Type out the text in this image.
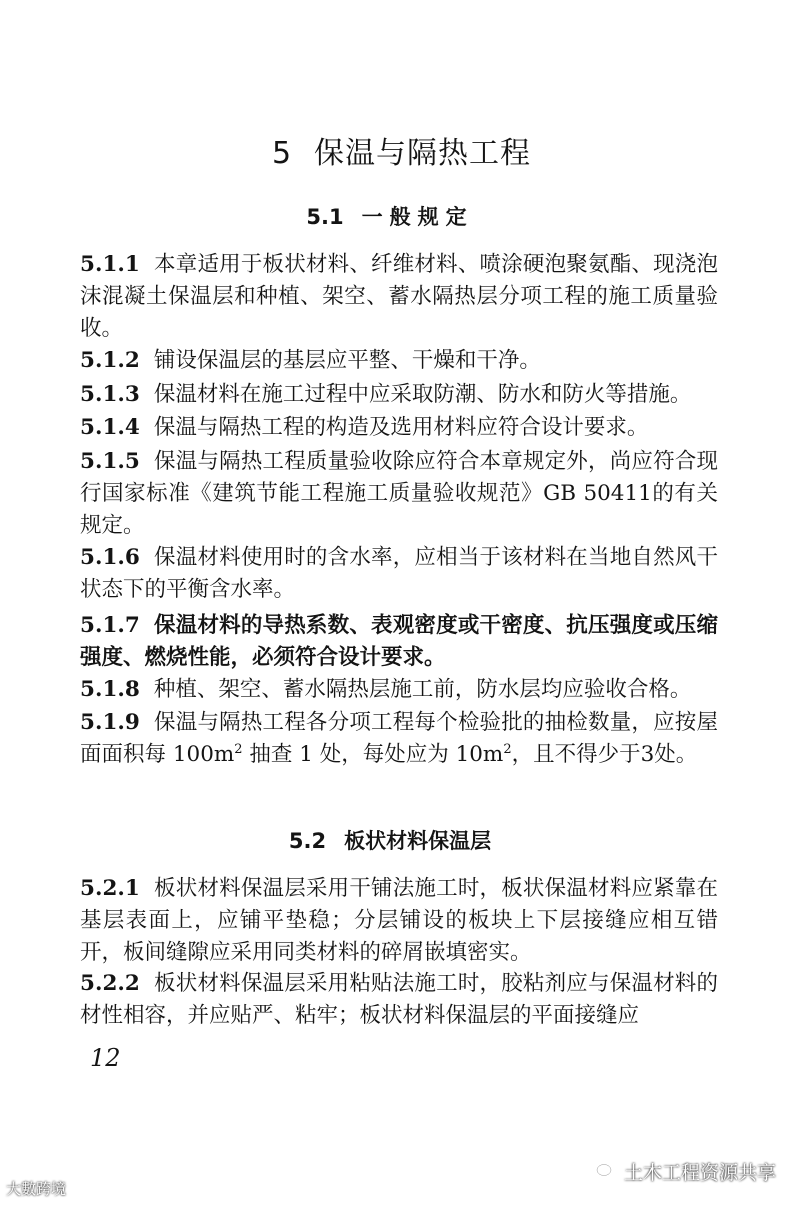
5 保温与隔热工程
5.1 一般规定
5.1.1 本章适用于板状材料、纤维材料、喷涂硬泡聚氨酯、现浇泡沫混凝土保温层和种植、架空、蓄水隔热层分项工程的施工质量验收。
5.1.2 铺设保温层的基层应平整、干燥和干净。
5.1.3 保温材料在施工过程中应采取防潮、防水和防火等措施。
5.1.4 保温与隔热工程的构造及选用材料应符合设计要求。
5.1.5 保温与隔热工程质量验收除应符合本章规定外，尚应符合现行国家标准《建筑节能工程施工质量验收规范》GB 50411的有关规定。
5.1.6 保温材料使用时的含水率，应相当于该材料在当地自然风干状态下的平衡含水率。
5.1.7 保温材料的导热系数、表观密度或干密度、抗压强度或压缩强度、燃烧性能，必须符合设计要求。
5.1.8 种植、架空、蓄水隔热层施工前，防水层均应验收合格。
5.1.9 保温与隔热工程各分项工程每个检验批的抽检数量，应按屋面面积每 $100m^2$ 抽查 1 处，每处应为 $10m^2$，且不得少于3处。
5.2 板状材料保温层
5.2.1 板状材料保温层采用干铺法施工时，板状保温材料应紧靠在基层表面上，应铺平垫稳；分层铺设的板块上下层接缝应相互错开，板间缝隙应采用同类材料的碎屑嵌填密实。
5.2.2 板状材料保温层采用粘贴法施工时，胶粘剂应与保温材料的材性相容，并应贴严、粘牢；板状材料保温层的平面接缝应
12
土木工程资源共享
大數跨境
